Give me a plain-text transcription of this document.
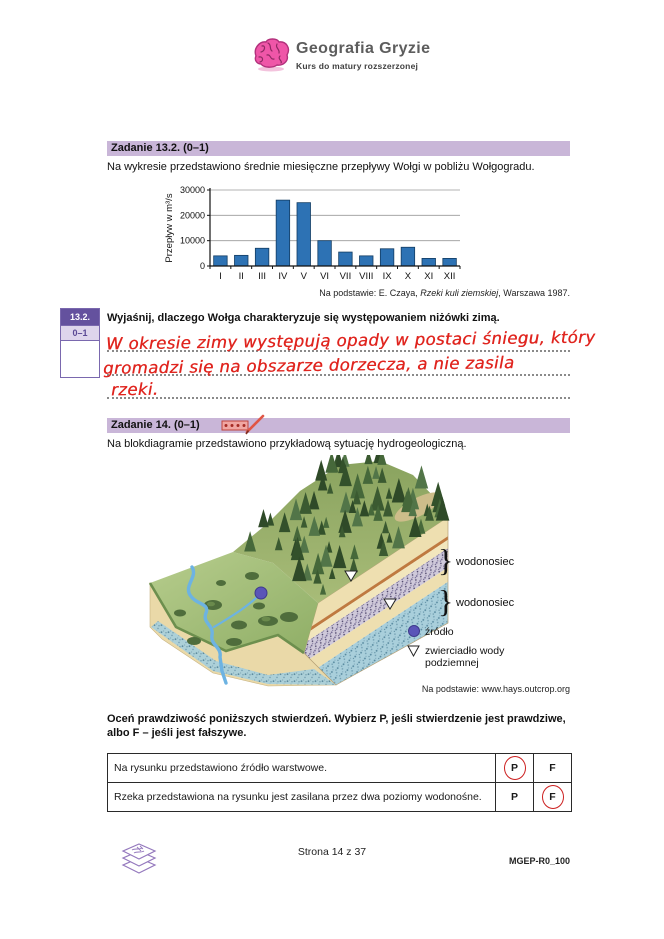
Geografia Gryzie
Kurs do matury rozszerzonej
Zadanie 13.2. (0–1)
Na wykresie przedstawiono średnie miesięczne przepływy Wołgi w pobliżu Wołgogradu.
0
10000
20000
30000
I II III IV V VI VII VIII IX X XI XII
Przepływ w m³/s
Na podstawie: E. Czaya, Rzeki kuli ziemskiej, Warszawa 1987.
13.2.
0–1
Wyjaśnij, dlaczego Wołga charakteryzuje się występowaniem niżówki zimą.
W okresie zimy występują opady w postaci śniegu, który
gromadzi się na obszarze dorzecza, a nie zasila
rzeki.
Zadanie 14. (0–1)
Na blokdiagramie przedstawiono przykładową sytuację hydrogeologiczną.
} wodonosiec
} wodonosiec
źródło
zwierciadło wody
podziemnej
Na podstawie: www.hays.outcrop.org
Oceń prawdziwość poniższych stwierdzeń. Wybierz P, jeśli stwierdzenie jest prawdziwe, albo F – jeśli jest fałszywe.
Na rysunku przedstawiono źródło warstwowe.	P	F
Rzeka przedstawiona na rysunku jest zasilana przez dwa poziomy wodonośne.	P	F
Strona 14 z 37
MGEP-R0_100
